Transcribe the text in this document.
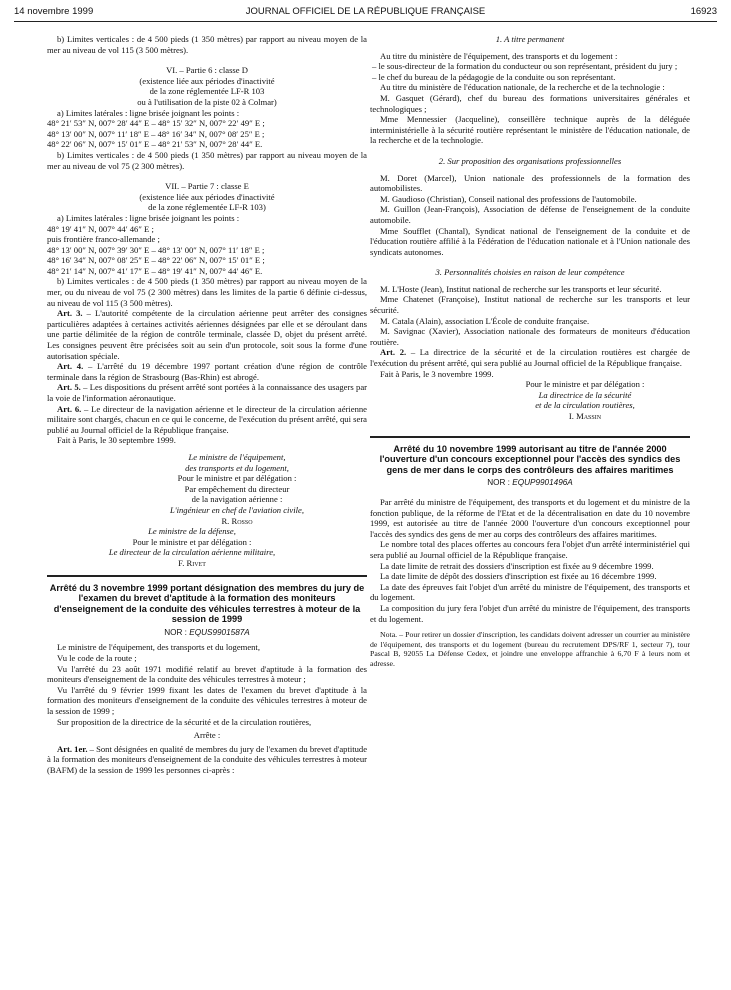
14 novembre 1999	JOURNAL OFFICIEL DE LA RÉPUBLIQUE FRANÇAISE	16923

b) Limites verticales : de 4 500 pieds (1 350 mètres) par rapport au niveau moyen de la mer au niveau de vol 115 (3 500 mètres).

VI. – Partie 6 : classe D

(existence liée aux périodes d'inactivité

de la zone réglementée LF-R 103

ou à l'utilisation de la piste 02 à Colmar)

a) Limites latérales : ligne brisée joignant les points :

48° 21′ 53″ N, 007° 28′ 44″ E – 48° 15′ 32″ N, 007° 22′ 49″ E ;

48° 13′ 00″ N, 007° 11′ 18″ E – 48° 16′ 34″ N, 007° 08′ 25″ E ;

48° 22′ 06″ N, 007° 15′ 01″ E – 48° 21′ 53″ N, 007° 28′ 44″ E.

b) Limites verticales : de 4 500 pieds (1 350 mètres) par rapport au niveau moyen de la mer au niveau de vol 75 (2 300 mètres).

VII. – Partie 7 : classe E

(existence liée aux périodes d'inactivité

de la zone réglementée LF-R 103)

a) Limites latérales : ligne brisée joignant les points :

48° 19′ 41″ N, 007° 44′ 46″ E ;

puis frontière franco-allemande ;

48° 13′ 00″ N, 007° 39′ 30″ E – 48° 13′ 00″ N, 007° 11′ 18″ E ;

48° 16′ 34″ N, 007° 08′ 25″ E – 48° 22′ 06″ N, 007° 15′ 01″ E ;

48° 21′ 14″ N, 007° 41′ 17″ E – 48° 19′ 41″ N, 007° 44′ 46″ E.

b) Limites verticales : de 4 500 pieds (1 350 mètres) par rapport au niveau moyen de la mer, ou du niveau de vol 75 (2 300 mètres) dans les limites de la partie 6 définie ci-dessus, au niveau de vol 115 (3 500 mètres).

Art. 3. – L'autorité compétente de la circulation aérienne peut arrêter des consignes particulières adaptées à certaines activités aériennes désignées par elle et se déroulant dans une partie délimitée de la région de contrôle terminale, classée D, objet du présent arrêté. Les consignes peuvent être précisées soit au sein d'un protocole, soit sous la forme d'une autorisation spéciale.

Art. 4. – L'arrêté du 19 décembre 1997 portant création d'une région de contrôle terminale dans la région de Strasbourg (Bas-Rhin) est abrogé.

Art. 5. – Les dispositions du présent arrêté sont portées à la connaissance des usagers par la voie de l'information aéronautique.

Art. 6. – Le directeur de la navigation aérienne et le directeur de la circulation aérienne militaire sont chargés, chacun en ce qui le concerne, de l'exécution du présent arrêté, qui sera publié au Journal officiel de la République française.

Fait à Paris, le 30 septembre 1999.

Le ministre de l'équipement,

des transports et du logement,

Pour le ministre et par délégation :

Par empêchement du directeur

de la navigation aérienne :

L'ingénieur en chef de l'aviation civile,

R. Rosso

Le ministre de la défense,

Pour le ministre et par délégation :

Le directeur de la circulation aérienne militaire,

F. Rivet

Arrêté du 3 novembre 1999 portant désignation des membres du jury de l'examen du brevet d'aptitude à la formation des moniteurs d'enseignement de la conduite des véhicules terrestres à moteur de la session de 1999

NOR : EQUS9901587A

Le ministre de l'équipement, des transports et du logement,

Vu le code de la route ;

Vu l'arrêté du 23 août 1971 modifié relatif au brevet d'aptitude à la formation des moniteurs d'enseignement de la conduite des véhicules terrestres à moteur ;

Vu l'arrêté du 9 février 1999 fixant les dates de l'examen du brevet d'aptitude à la formation des moniteurs d'enseignement de la conduite des véhicules terrestres à moteur de la session de 1999 ;

Sur proposition de la directrice de la sécurité et de la circulation routières,

Arrête :

Art. 1er. – Sont désignées en qualité de membres du jury de l'examen du brevet d'aptitude à la formation des moniteurs d'enseignement de la conduite des véhicules terrestres à moteur (BAFM) de la session de 1999 les personnes ci-après :

1. A titre permanent

Au titre du ministère de l'équipement, des transports et du logement :

– le sous-directeur de la formation du conducteur ou son représentant, président du jury ;

– le chef du bureau de la pédagogie de la conduite ou son représentant.

Au titre du ministère de l'éducation nationale, de la recherche et de la technologie :

M. Gasquet (Gérard), chef du bureau des formations universitaires générales et technologiques ;

Mme Mennessier (Jacqueline), conseillère technique auprès de la déléguée interministérielle à la sécurité routière représentant le ministère de l'éducation nationale, de la recherche et de la technologie.

2. Sur proposition des organisations professionnelles

M. Doret (Marcel), Union nationale des professionnels de la formation des automobilistes.

M. Gaudioso (Christian), Conseil national des professions de l'automobile.

M. Guillon (Jean-François), Association de défense de l'enseignement de la conduite automobile.

Mme Soufflet (Chantal), Syndicat national de l'enseignement de la conduite et de l'éducation routière affilié à la Fédération de l'éducation nationale et à l'Union nationale des syndicats autonomes.

3. Personnalités choisies en raison de leur compétence

M. L'Hoste (Jean), Institut national de recherche sur les transports et leur sécurité.

Mme Chatenet (Françoise), Institut national de recherche sur les transports et leur sécurité.

M. Catala (Alain), association L'École de conduite française.

M. Savignac (Xavier), Association nationale des formateurs de moniteurs d'éducation routière.

Art. 2. – La directrice de la sécurité et de la circulation routières est chargée de l'exécution du présent arrêté, qui sera publié au Journal officiel de la République française.

Fait à Paris, le 3 novembre 1999.

Pour le ministre et par délégation :

La directrice de la sécurité

et de la circulation routières,

I. Massin

Arrêté du 10 novembre 1999 autorisant au titre de l'année 2000 l'ouverture d'un concours exceptionnel pour l'accès des syndics des gens de mer dans le corps des contrôleurs des affaires maritimes

NOR : EQUP9901496A

Par arrêté du ministre de l'équipement, des transports et du logement et du ministre de la fonction publique, de la réforme de l'Etat et de la décentralisation en date du 10 novembre 1999, est autorisée au titre de l'année 2000 l'ouverture d'un concours exceptionnel pour l'accès des syndics des gens de mer au corps des contrôleurs des affaires maritimes.

Le nombre total des places offertes au concours fera l'objet d'un arrêté interministériel qui sera publié au Journal officiel de la République française.

La date limite de retrait des dossiers d'inscription est fixée au 9 décembre 1999.

La date limite de dépôt des dossiers d'inscription est fixée au 16 décembre 1999.

La date des épreuves fait l'objet d'un arrêté du ministre de l'équipement, des transports et du logement.

La composition du jury fera l'objet d'un arrêté du ministre de l'équipement, des transports et du logement.

Nota. – Pour retirer un dossier d'inscription, les candidats doivent adresser un courrier au ministère de l'équipement, des transports et du logement (bureau du recrutement DPS/RF 1, secteur 7), tour Pascal B, 92055 La Défense Cedex, et joindre une enveloppe affranchie à 6,70 F à leurs nom et adresse.
